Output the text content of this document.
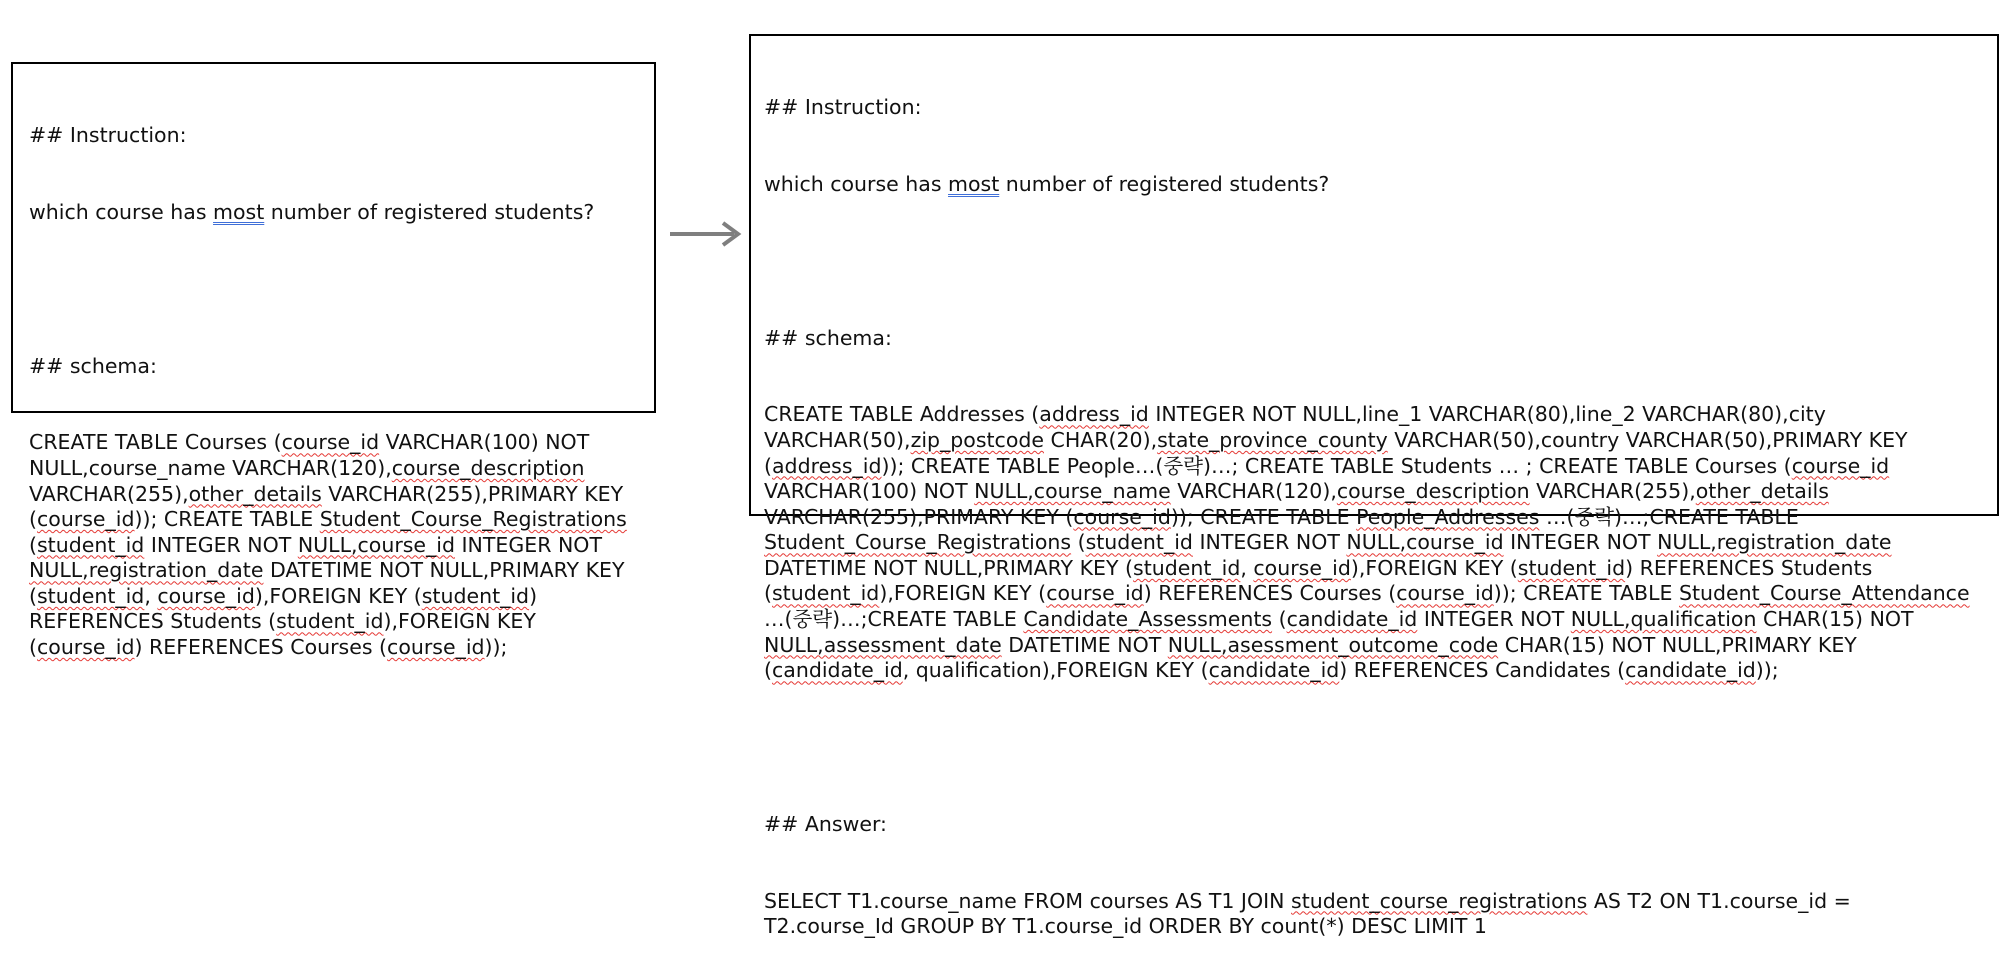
## Instruction:

which course has most number of registered students?

## schema:

CREATE TABLE Courses (course_id VARCHAR(100) NOT NULL,course_name VARCHAR(120),course_description VARCHAR(255),other_details VARCHAR(255),PRIMARY KEY (course_id)); CREATE TABLE Student_Course_Registrations (student_id INTEGER NOT NULL,course_id INTEGER NOT NULL,registration_date DATETIME NOT NULL,PRIMARY KEY (student_id, course_id),FOREIGN KEY (student_id) REFERENCES Students (student_id),FOREIGN KEY (course_id) REFERENCES Courses (course_id));

## Instruction:

which course has most number of registered students?

## schema:

CREATE TABLE Addresses (address_id INTEGER NOT NULL,line_1 VARCHAR(80),line_2 VARCHAR(80),city VARCHAR(50),zip_postcode CHAR(20),state_province_county VARCHAR(50),country VARCHAR(50),PRIMARY KEY (address_id)); CREATE TABLE People…(중략)…; CREATE TABLE Students … ; CREATE TABLE Courses (course_id VARCHAR(100) NOT NULL,course_name VARCHAR(120),course_description VARCHAR(255),other_details VARCHAR(255),PRIMARY KEY (course_id)); CREATE TABLE People_Addresses …(중략)…;CREATE TABLE Student_Course_Registrations (student_id INTEGER NOT NULL,course_id INTEGER NOT NULL,registration_date DATETIME NOT NULL,PRIMARY KEY (student_id, course_id),FOREIGN KEY (student_id) REFERENCES Students (student_id),FOREIGN KEY (course_id) REFERENCES Courses (course_id)); CREATE TABLE Student_Course_Attendance …(중략)…;CREATE TABLE Candidate_Assessments (candidate_id INTEGER NOT NULL,qualification CHAR(15) NOT NULL,assessment_date DATETIME NOT NULL,asessment_outcome_code CHAR(15) NOT NULL,PRIMARY KEY (candidate_id, qualification),FOREIGN KEY (candidate_id) REFERENCES Candidates (candidate_id));

## Answer:

SELECT T1.course_name FROM courses AS T1 JOIN student_course_registrations AS T2 ON T1.course_id = T2.course_Id GROUP BY T1.course_id ORDER BY count(*) DESC LIMIT 1
